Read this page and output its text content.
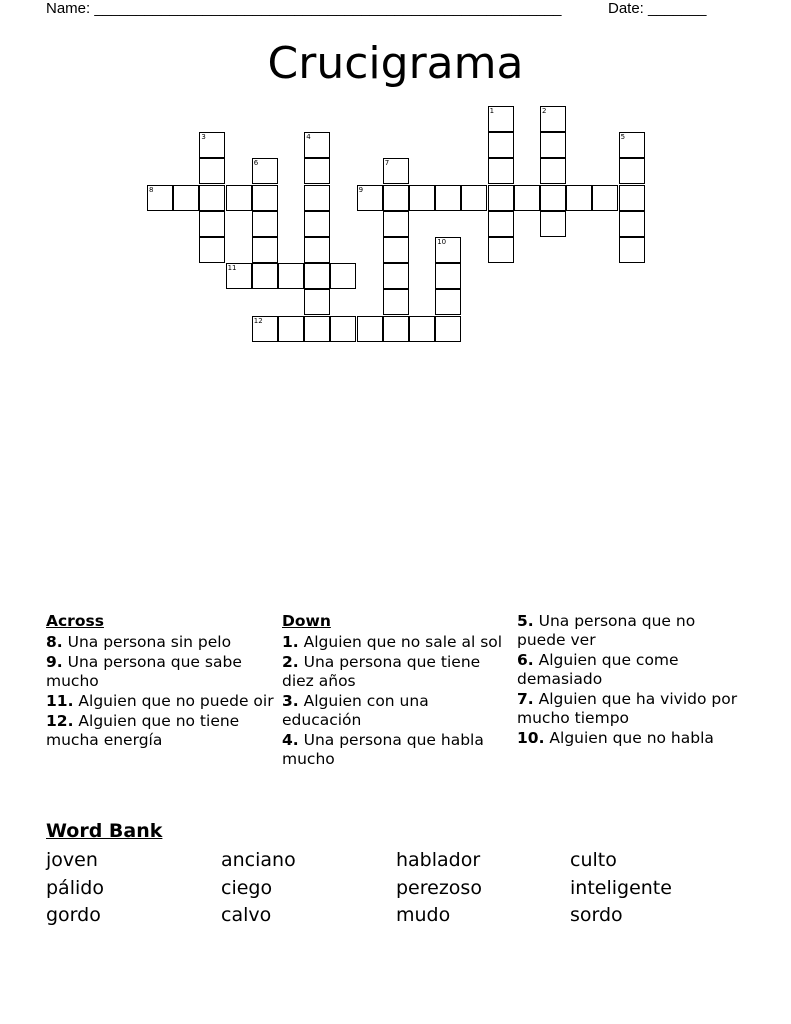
Name: ________________________________________________________	Date: _______
Crucigrama
1	2
3	4	5
6	7
8	9
10
11
12
Across
8. Una persona sin pelo
9. Una persona que sabe mucho
11. Alguien que no puede oir
12. Alguien que no tiene mucha energía
Down
1. Alguien que no sale al sol
2. Una persona que tiene diez años
3. Alguien con una educación
4. Una persona que habla mucho
5. Una persona que no puede ver
6. Alguien que come demasiado
7. Alguien que ha vivido por mucho tiempo
10. Alguien que no habla
Word Bank
joven	anciano	hablador	culto
pálido	ciego	perezoso	inteligente
gordo	calvo	mudo	sordo
